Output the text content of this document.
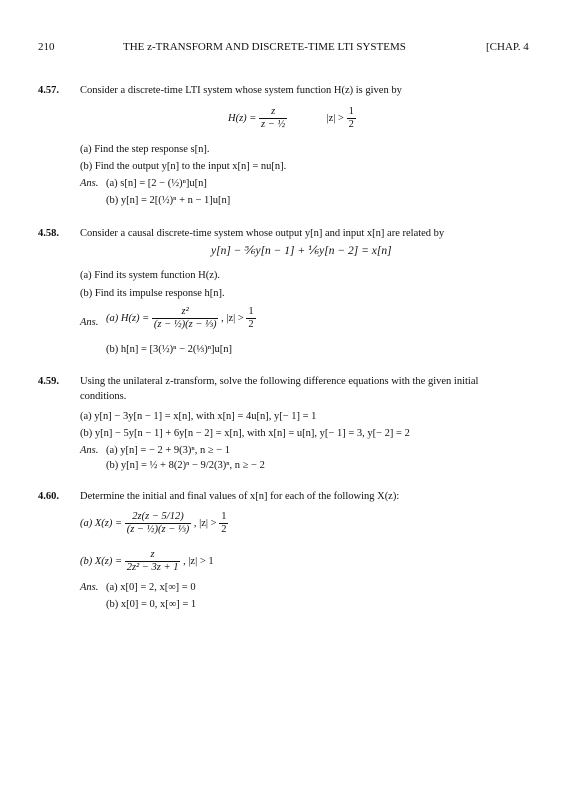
210	THE z-TRANSFORM AND DISCRETE-TIME LTI SYSTEMS	[CHAP. 4
4.57. Consider a discrete-time LTI system whose system function H(z) is given by
$H(z) = \frac{z}{\text{z − ½}}$	$|z| > \frac{1}{2}$
(a) Find the step response s[n].
(b) Find the output y[n] to the input x[n] = nu[n].
Ans. (a) s[n] = [2 − (½)ⁿ]u[n]
(b) y[n] = 2[(½)ⁿ + n − 1]u[n]
4.58. Consider a causal discrete-time system whose output y[n] and input x[n] are related by
y[n] − ⅚y[n − 1] + ⅙y[n − 2] = x[n]
(a) Find its system function H(z).
(b) Find its impulse response h[n].
Ans. (a) $H(z) = \frac{\text{z²}}{\text{(z − ½)(z − ⅓)}}$ , $|z| > \frac{1}{2}$
(b) h[n] = [3(½)ⁿ − 2(⅓)ⁿ]u[n]
4.59. Using the unilateral z-transform, solve the following difference equations with the given initial
conditions.
(a) y[n] − 3y[n − 1] = x[n], with x[n] = 4u[n], y[− 1] = 1
(b) y[n] − 5y[n − 1] + 6y[n − 2] = x[n], with x[n] = u[n], y[− 1] = 3, y[− 2] = 2
Ans. (a) y[n] = − 2 + 9(3)ⁿ, n ≥ − 1
(b) y[n] = ½ + 8(2)ⁿ − 9/2(3)ⁿ, n ≥ − 2
4.60. Determine the initial and final values of x[n] for each of the following X(z):
(a) $X(z) = \frac{2z(z - 5/12)}{\text{(z − ½)(z − ⅓)}}$ , $|z| > \frac{1}{2}$
(b) $X(z) = \frac{z}{\text{2z² − 3z + 1}}$ , |z| > 1
Ans. (a) x[0] = 2, x[∞] = 0
(b) x[0] = 0, x[∞] = 1
